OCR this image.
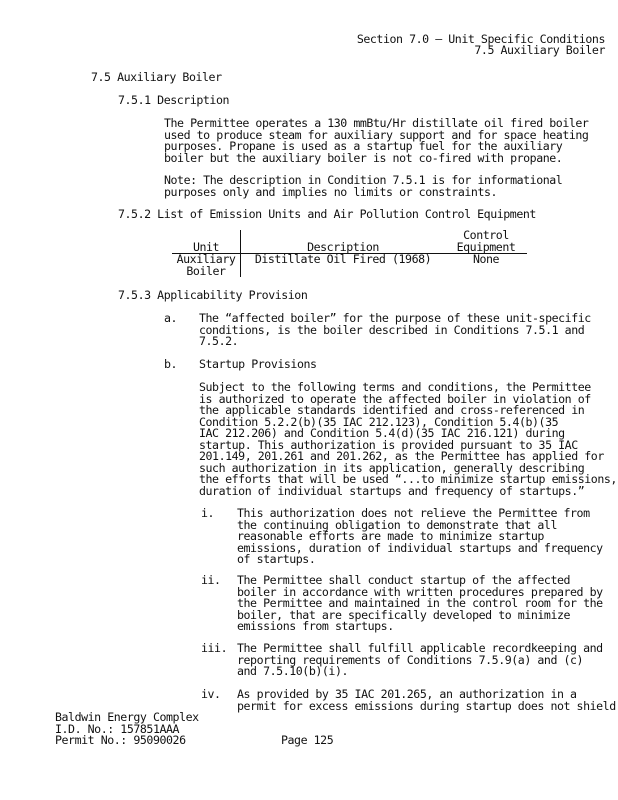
Section 7.0 – Unit Specific Conditions
7.5 Auxiliary Boiler
7.5 Auxiliary Boiler
7.5.1 Description
The Permittee operates a 130 mmBtu/Hr distillate oil fired boiler
used to produce steam for auxiliary support and for space heating
purposes. Propane is used as a startup fuel for the auxiliary
boiler but the auxiliary boiler is not co-fired with propane.
Note: The description in Condition 7.5.1 is for informational
purposes only and implies no limits or constraints.
7.5.2 List of Emission Units and Air Pollution Control Equipment
		Control
Unit	Description	Equipment
Auxiliary	Distillate Oil Fired (1968)	None
Boiler		
7.5.3 Applicability Provision
a. The “affected boiler” for the purpose of these unit-specific
conditions, is the boiler described in Conditions 7.5.1 and
7.5.2.
b. Startup Provisions
Subject to the following terms and conditions, the Permittee
is authorized to operate the affected boiler in violation of
the applicable standards identified and cross-referenced in
Condition 5.2.2(b)(35 IAC 212.123), Condition 5.4(b)(35
IAC 212.206) and Condition 5.4(d)(35 IAC 216.121) during
startup. This authorization is provided pursuant to 35 IAC
201.149, 201.261 and 201.262, as the Permittee has applied for
such authorization in its application, generally describing
the efforts that will be used “...to minimize startup emissions,
duration of individual startups and frequency of startups.”
i. This authorization does not relieve the Permittee from
the continuing obligation to demonstrate that all
reasonable efforts are made to minimize startup
emissions, duration of individual startups and frequency
of startups.
ii. The Permittee shall conduct startup of the affected
boiler in accordance with written procedures prepared by
the Permittee and maintained in the control room for the
boiler, that are specifically developed to minimize
emissions from startups.
iii. The Permittee shall fulfill applicable recordkeeping and
reporting requirements of Conditions 7.5.9(a) and (c)
and 7.5.10(b)(i).
iv. As provided by 35 IAC 201.265, an authorization in a
permit for excess emissions during startup does not shield
Baldwin Energy Complex
I.D. No.: 157851AAA
Permit No.: 95090026	Page 125
